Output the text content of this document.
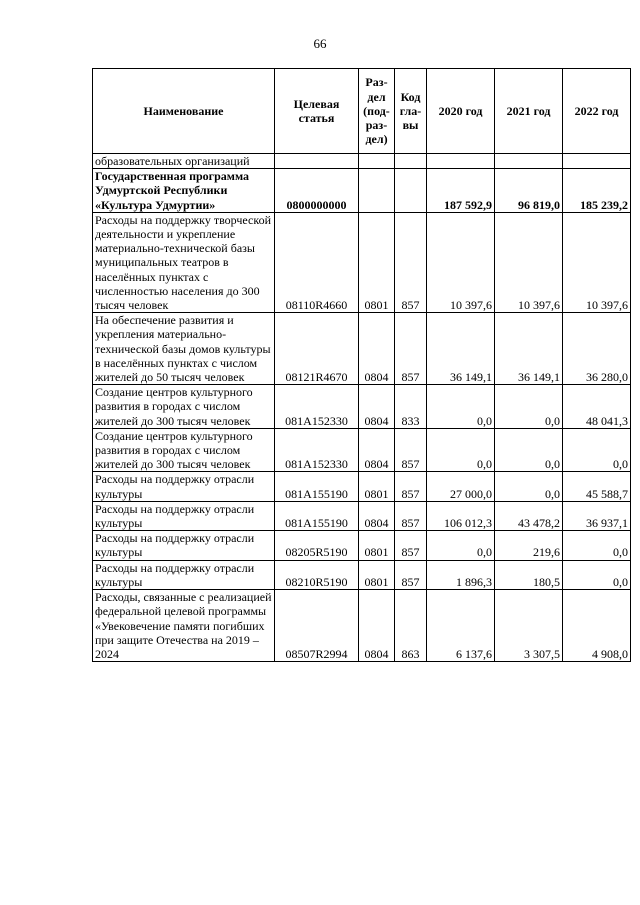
66
Наименование	Целевая статья	Раз-дел (под-раз-дел)	Код гла-вы	2020 год	2021 год	2022 год
образовательных организаций						
Государственная программа Удмуртской Республики «Культура Удмуртии»	0800000000			187 592,9	96 819,0	185 239,2
Расходы на поддержку творческой деятельности и укрепление материально-технической базы муниципальных театров в населённых пунктах с численностью населения до 300 тысяч человек	08110R4660	0801	857	10 397,6	10 397,6	10 397,6
На обеспечение развития и укрепления материально-технической базы домов культуры в населённых пунктах с числом жителей до 50 тысяч человек	08121R4670	0804	857	36 149,1	36 149,1	36 280,0
Создание центров культурного развития в городах с числом жителей до 300 тысяч человек	081A152330	0804	833	0,0	0,0	48 041,3
Создание центров культурного развития в городах с числом жителей до 300 тысяч человек	081A152330	0804	857	0,0	0,0	0,0
Расходы на поддержку отрасли культуры	081A155190	0801	857	27 000,0	0,0	45 588,7
Расходы на поддержку отрасли культуры	081A155190	0804	857	106 012,3	43 478,2	36 937,1
Расходы на поддержку отрасли культуры	08205R5190	0801	857	0,0	219,6	0,0
Расходы на поддержку отрасли культуры	08210R5190	0801	857	1 896,3	180,5	0,0
Расходы, связанные с реализацией федеральной целевой программы «Увековечение памяти погибших при защите Отечества на 2019 – 2024	08507R2994	0804	863	6 137,6	3 307,5	4 908,0
